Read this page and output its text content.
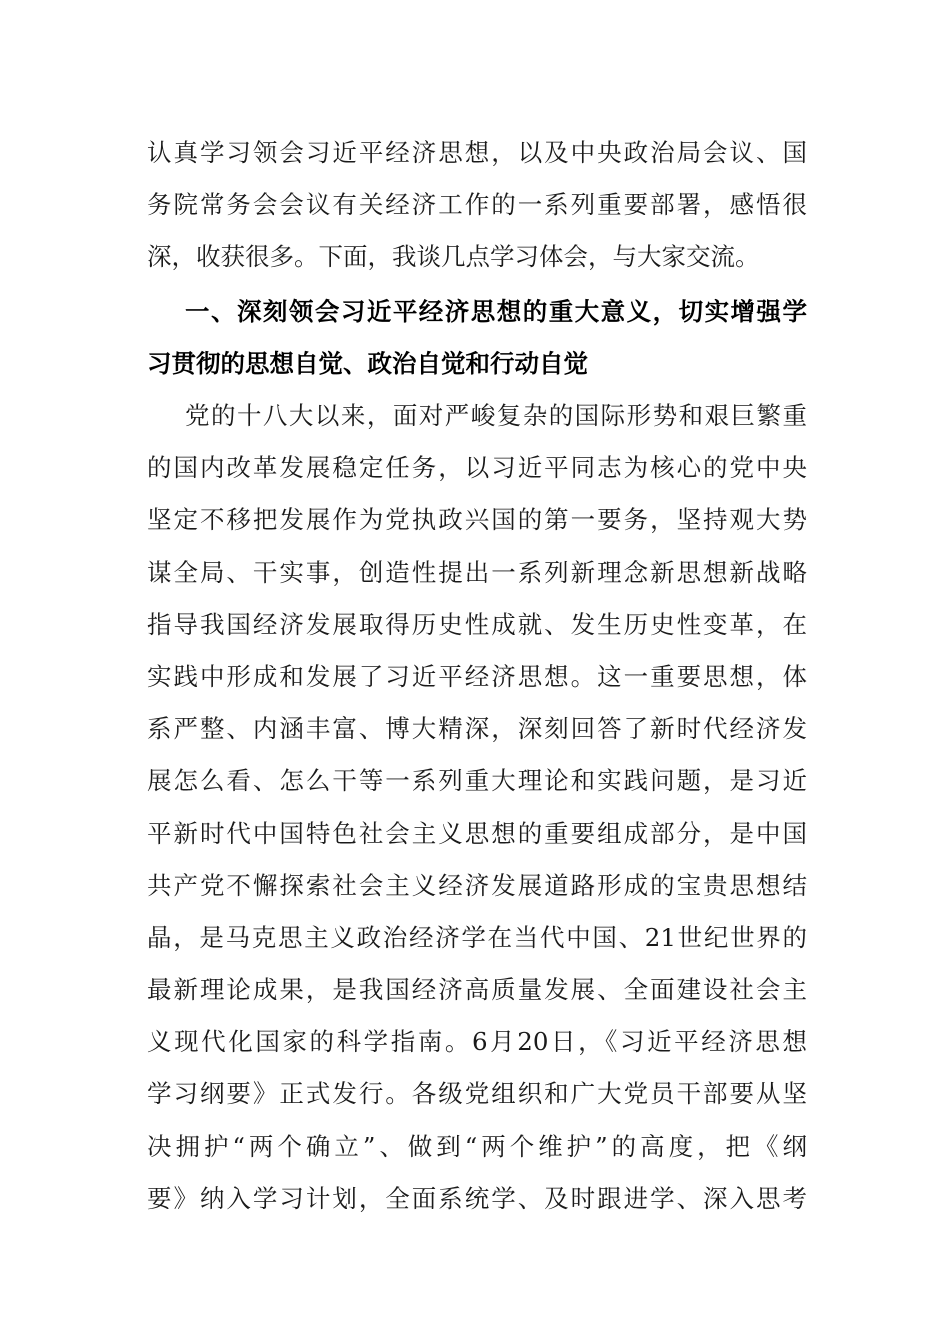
认真学习领会习近平经济思想，以及中央政治局会议、国
务院常务会会议有关经济工作的一系列重要部署，感悟很
深，收获很多。下面，我谈几点学习体会，与大家交流。
一、深刻领会习近平经济思想的重大意义，切实增强学
习贯彻的思想自觉、政治自觉和行动自觉
党的十八大以来，面对严峻复杂的国际形势和艰巨繁重
的国内改革发展稳定任务，以习近平同志为核心的党中央
坚定不移把发展作为党执政兴国的第一要务，坚持观大势
谋全局、干实事，创造性提出一系列新理念新思想新战略
指导我国经济发展取得历史性成就、发生历史性变革，在
实践中形成和发展了习近平经济思想。这一重要思想，体
系严整、内涵丰富、博大精深，深刻回答了新时代经济发
展怎么看、怎么干等一系列重大理论和实践问题，是习近
平新时代中国特色社会主义思想的重要组成部分，是中国
共产党不懈探索社会主义经济发展道路形成的宝贵思想结
晶，是马克思主义政治经济学在当代中国、21世纪世界的
最新理论成果，是我国经济高质量发展、全面建设社会主
义现代化国家的科学指南。6月20日，《习近平经济思想
学习纲要》正式发行。各级党组织和广大党员干部要从坚
决拥护“两个确立”、做到“两个维护”的高度，把《纲
要》纳入学习计划，全面系统学、及时跟进学、深入思考
